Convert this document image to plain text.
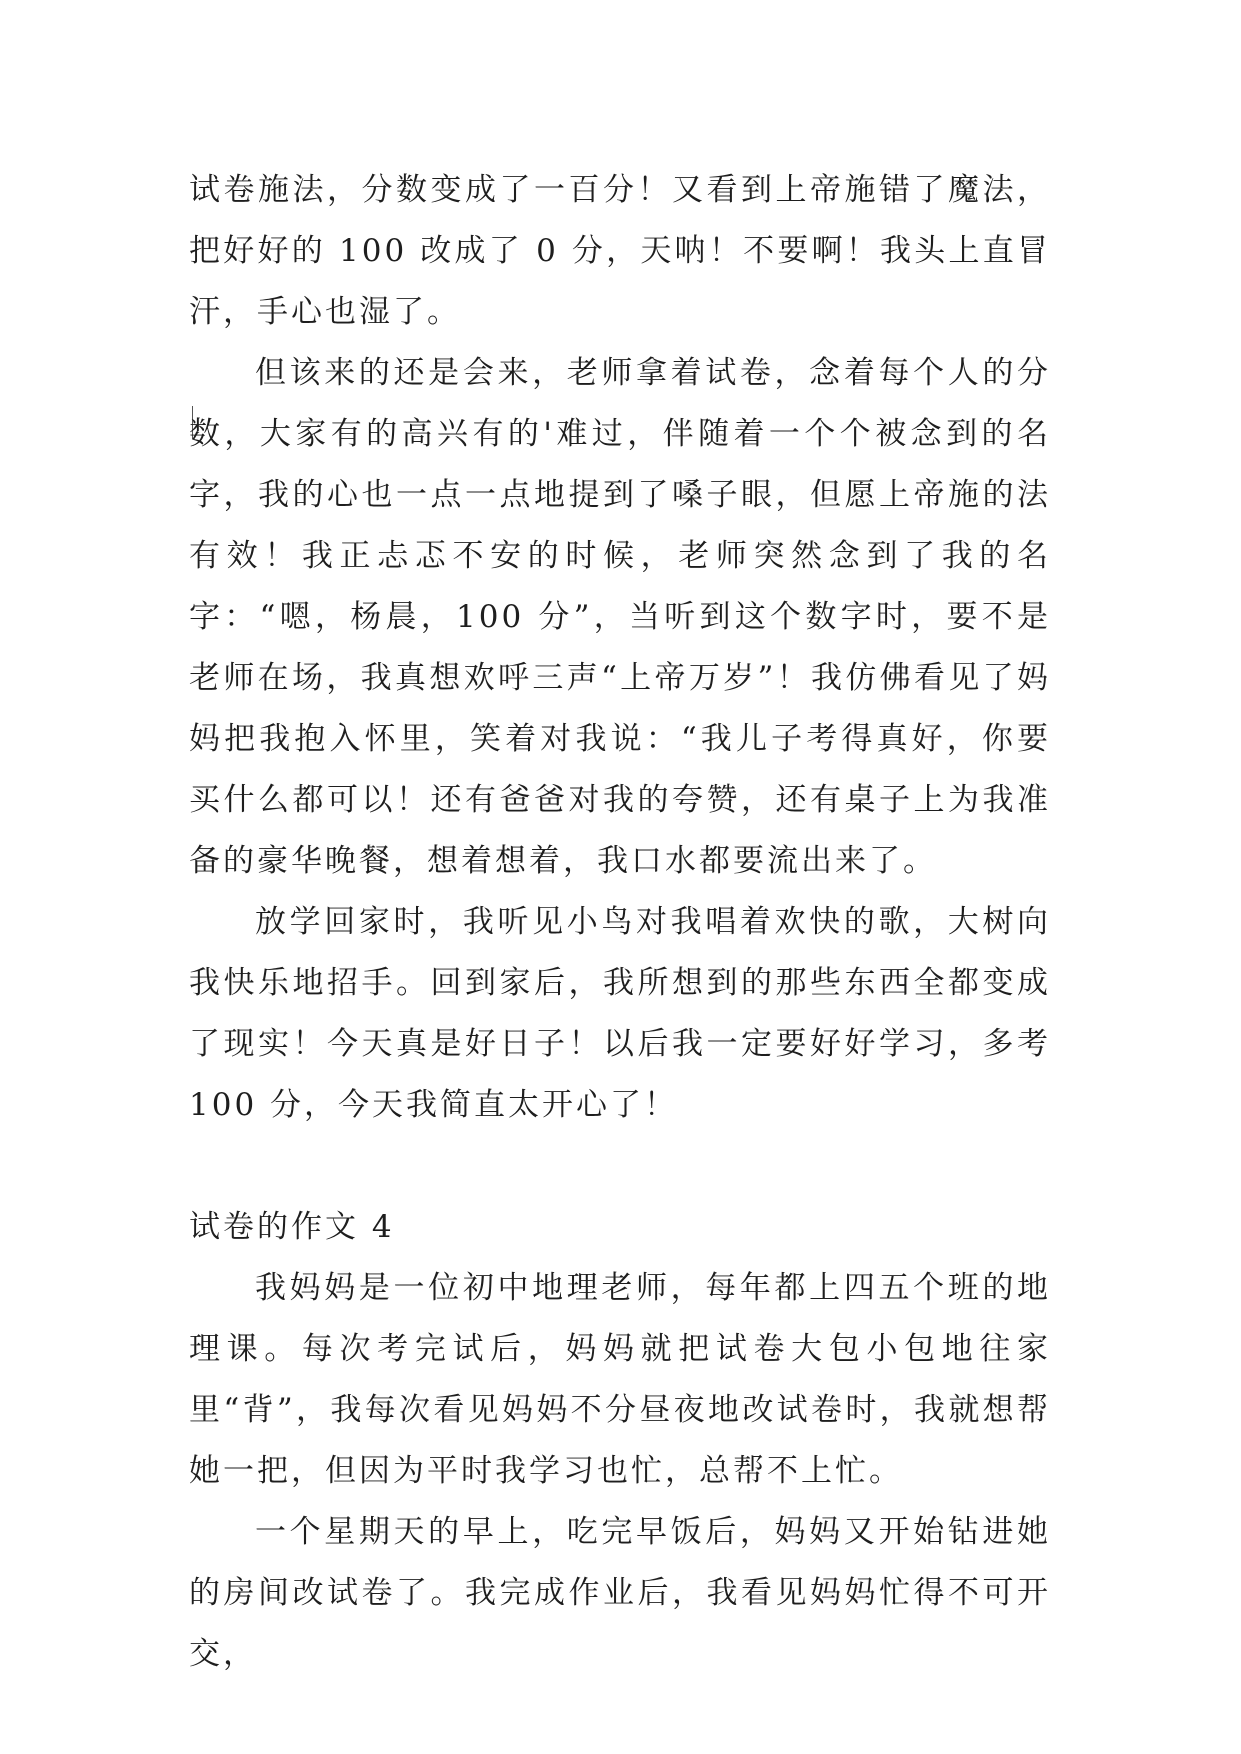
试卷施法，分数变成了一百分！又看到上帝施错了魔法，把好好的 100 改成了 0 分，天呐！不要啊！我头上直冒汗，手心也湿了。

但该来的还是会来，老师拿着试卷，念着每个人的分数，大家有的高兴有的'难过，伴随着一个个被念到的名字，我的心也一点一点地提到了嗓子眼，但愿上帝施的法有效！我正忐忑不安的时候，老师突然念到了我的名字：“嗯，杨晨，100 分”，当听到这个数字时，要不是老师在场，我真想欢呼三声“上帝万岁”！我仿佛看见了妈妈把我抱入怀里，笑着对我说：“我儿子考得真好，你要买什么都可以！还有爸爸对我的夸赞，还有桌子上为我准备的豪华晚餐，想着想着，我口水都要流出来了。

放学回家时，我听见小鸟对我唱着欢快的歌，大树向我快乐地招手。回到家后，我所想到的那些东西全都变成了现实！今天真是好日子！以后我一定要好好学习，多考 100 分，今天我简直太开心了！

试卷的作文 4

我妈妈是一位初中地理老师，每年都上四五个班的地理课。每次考完试后，妈妈就把试卷大包小包地往家里“背”，我每次看见妈妈不分昼夜地改试卷时，我就想帮她一把，但因为平时我学习也忙，总帮不上忙。

一个星期天的早上，吃完早饭后，妈妈又开始钻进她的房间改试卷了。我完成作业后，我看见妈妈忙得不可开交，
